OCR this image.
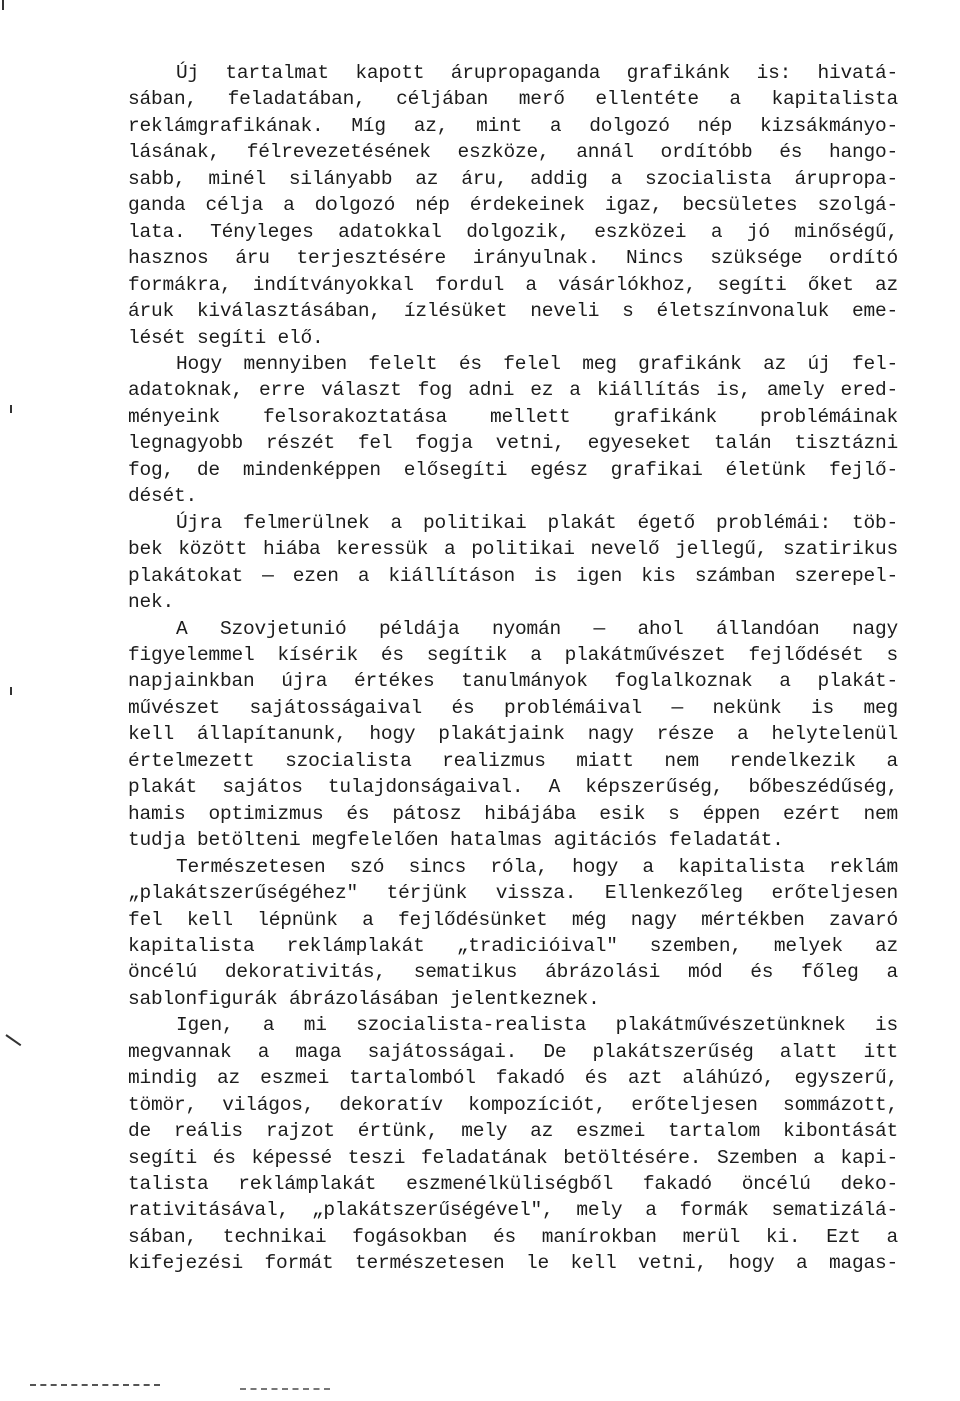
Új tartalmat kapott árupropaganda grafikánk is: hivatá-
sában, feladatában, céljában merő ellentéte a kapitalista
reklámgrafikának. Míg az, mint a dolgozó nép kizsákmányo-
lásának, félrevezetésének eszköze, annál ordítóbb és hango-
sabb, minél silányabb az áru, addig a szocialista árupropa-
ganda célja a dolgozó nép érdekeinek igaz, becsületes szolgá-
lata. Tényleges adatokkal dolgozik, eszközei a jó minőségű,
hasznos áru terjesztésére irányulnak. Nincs szüksége ordító
formákra, indítványokkal fordul a vásárlókhoz, segíti őket az
áruk kiválasztásában, ízlésüket neveli s életszínvonaluk eme-
lését segíti elő.
Hogy mennyiben felelt és felel meg grafikánk az új fel-
adatoknak, erre választ fog adni ez a kiállítás is, amely ered-
ményeink felsorakoztatása mellett grafikánk problémáinak
legnagyobb részét fel fogja vetni, egyeseket talán tisztázni
fog, de mindenképpen elősegíti egész grafikai életünk fejlő-
dését.
Újra felmerülnek a politikai plakát égető problémái: töb-
bek között hiába keressük a politikai nevelő jellegű, szatirikus
plakátokat — ezen a kiállításon is igen kis számban szerepel-
nek.
A Szovjetunió példája nyomán — ahol állandóan nagy
figyelemmel kísérik és segítik a plakátművészet fejlődését s
napjainkban újra értékes tanulmányok foglalkoznak a plakát-
művészet sajátosságaival és problémáival — nekünk is meg
kell állapítanunk, hogy plakátjaink nagy része a helytelenül
értelmezett szocialista realizmus miatt nem rendelkezik a
plakát sajátos tulajdonságaival. A képszerűség, bőbeszédűség,
hamis optimizmus és pátosz hibájába esik s éppen ezért nem
tudja betölteni megfelelően hatalmas agitációs feladatát.
Természetesen szó sincs róla, hogy a kapitalista reklám
„plakátszerűségéhez" térjünk vissza. Ellenkezőleg erőteljesen
fel kell lépnünk a fejlődésünket még nagy mértékben zavaró
kapitalista reklámplakát „tradicióival" szemben, melyek az
öncélú dekorativitás, sematikus ábrázolási mód és főleg a
sablonfigurák ábrázolásában jelentkeznek.
Igen, a mi szocialista-realista plakátművészetünknek is
megvannak a maga sajátosságai. De plakátszerűség alatt itt
mindig az eszmei tartalomból fakadó és azt aláhúzó, egyszerű,
tömör, világos, dekoratív kompozíciót, erőteljesen sommázott,
de reális rajzot értünk, mely az eszmei tartalom kibontását
segíti és képessé teszi feladatának betöltésére. Szemben a kapi-
talista reklámplakát eszmenélküliségből fakadó öncélú deko-
rativitásával, „plakátszerűségével", mely a formák sematizálá-
sában, technikai fogásokban és manírokban merül ki. Ezt a
kifejezési formát természetesen le kell vetni, hogy a magas-
